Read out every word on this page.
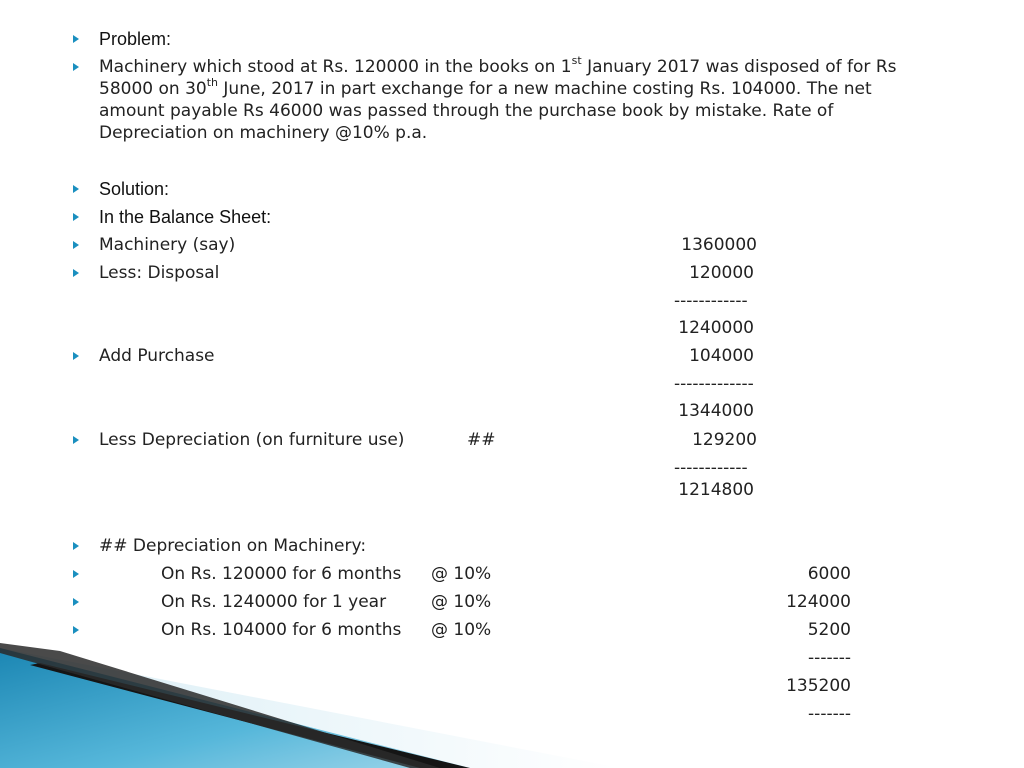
Problem:
Machinery which stood at Rs. 120000 in the books on 1st January 2017 was disposed of for Rs
58000 on 30th June, 2017 in part exchange for a new machine costing Rs. 104000. The net
amount payable Rs 46000 was passed through the purchase book by mistake. Rate of
Depreciation on machinery @10% p.a.
Solution:
In the Balance Sheet:
Machinery (say)	1360000
Less: Disposal	120000
------------
1240000
Add Purchase	104000
-------------
1344000
Less Depreciation (on furniture use)	##	129200
------------
1214800
## Depreciation on Machinery:
On Rs. 120000 for 6 months @ 10%	6000
On Rs. 1240000 for 1 year	@ 10%	124000
On Rs. 104000 for 6 months @ 10%	5200
-------
135200
-------
